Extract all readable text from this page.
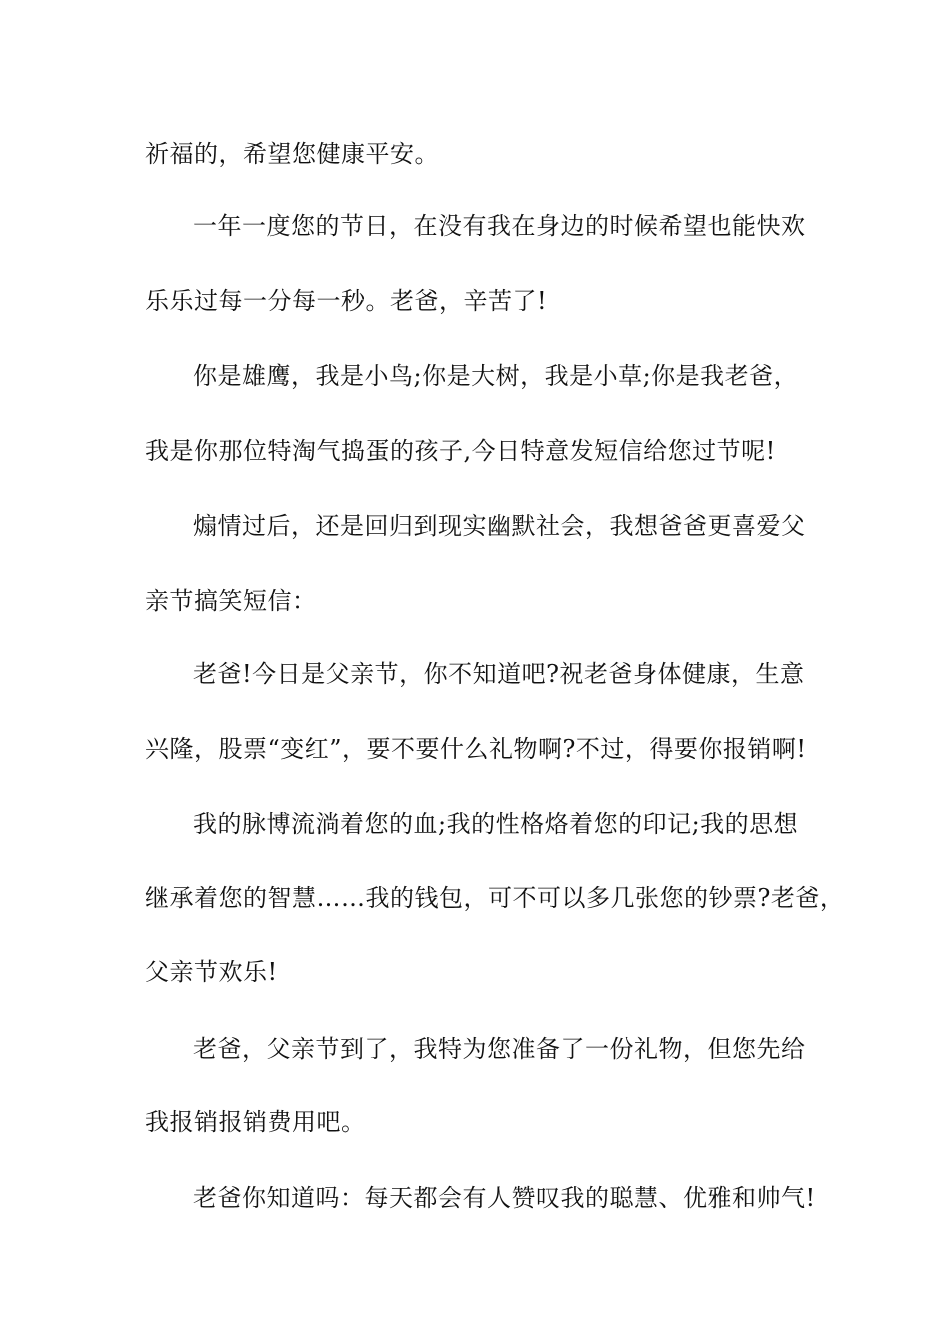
祈福的，希望您健康平安。
一年一度您的节日，在没有我在身边的时候希望也能快欢
乐乐过每一分每一秒。老爸，辛苦了!
你是雄鹰，我是小鸟;你是大树，我是小草;你是我老爸，
我是你那位特淘气捣蛋的孩子,今日特意发短信给您过节呢!
煽情过后，还是回归到现实幽默社会，我想爸爸更喜爱父
亲节搞笑短信：
老爸!今日是父亲节，你不知道吧?祝老爸身体健康，生意
兴隆，股票“变红”，要不要什么礼物啊?不过，得要你报销啊!
我的脉博流淌着您的血;我的性格烙着您的印记;我的思想
继承着您的智慧……我的钱包，可不可以多几张您的钞票?老爸，
父亲节欢乐!
老爸，父亲节到了，我特为您准备了一份礼物，但您先给
我报销报销费用吧。
老爸你知道吗：每天都会有人赞叹我的聪慧、优雅和帅气!
